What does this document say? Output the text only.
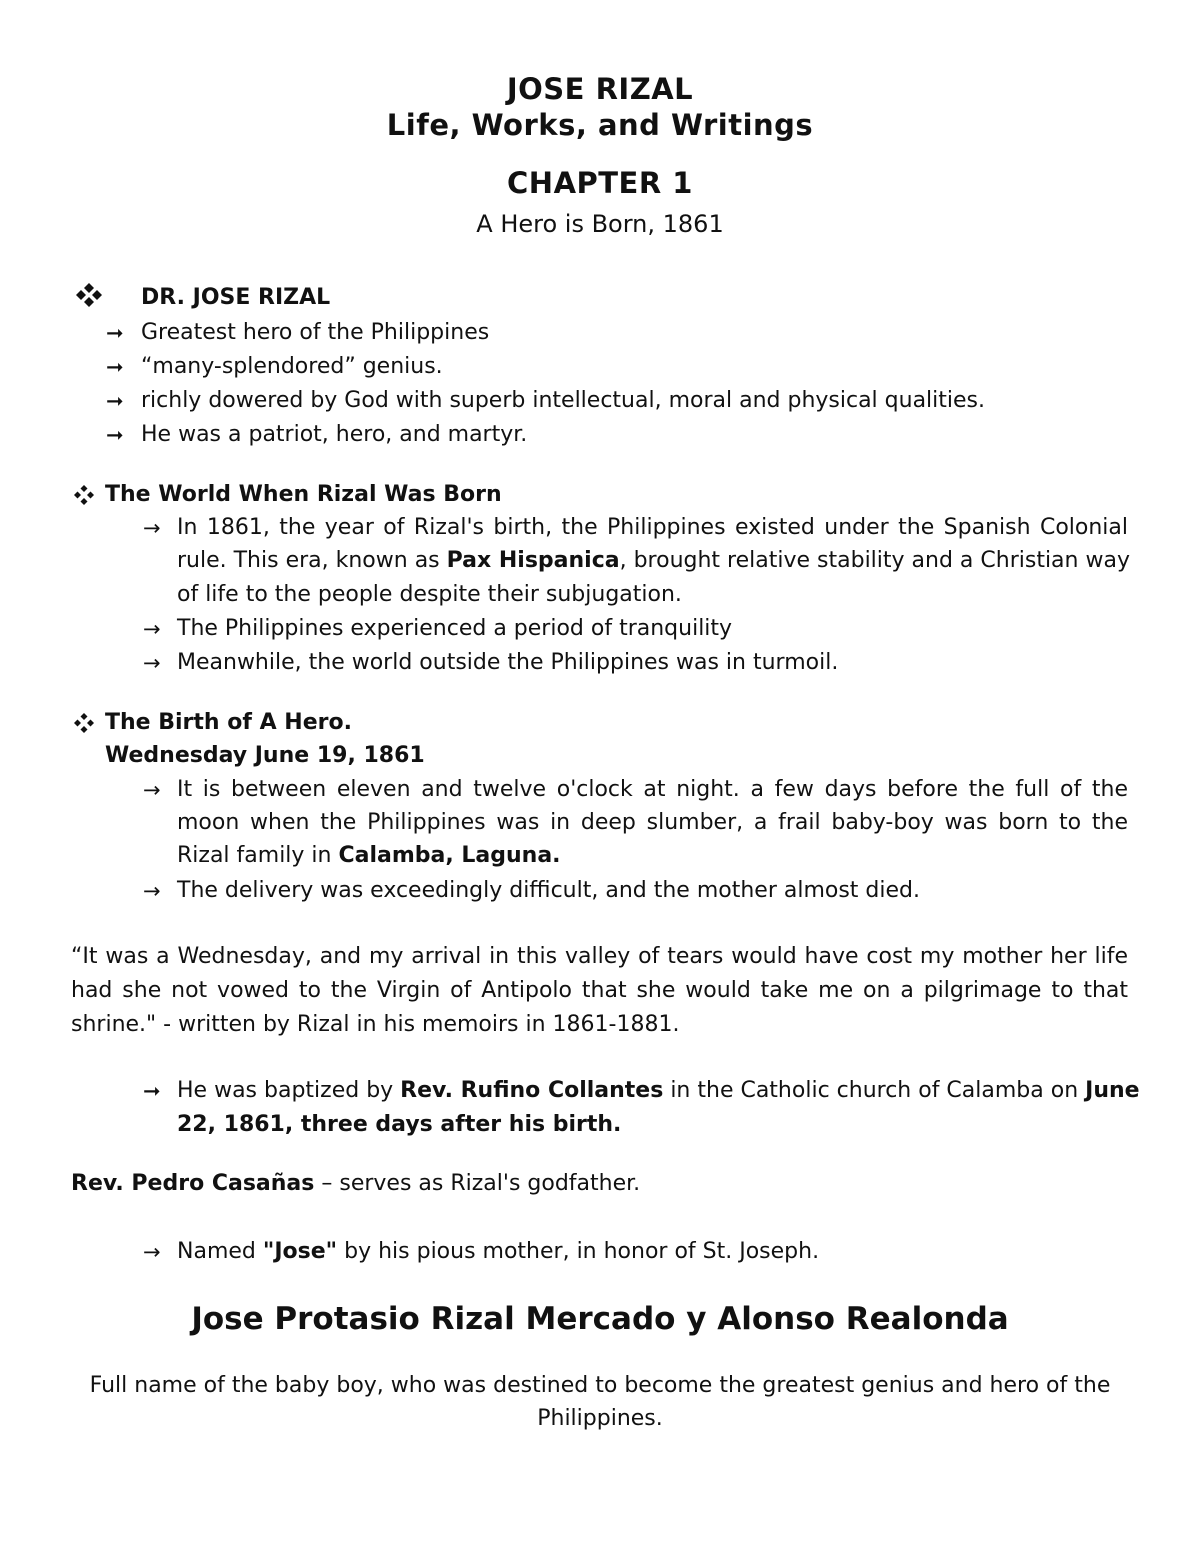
JOSE RIZAL
Life, Works, and Writings
CHAPTER 1
A Hero is Born, 1861
DR. JOSE RIZAL
➞ Greatest hero of the Philippines
➞ “many-splendored” genius.
➞ richly dowered by God with superb intellectual, moral and physical qualities.
➞ He was a patriot, hero, and martyr.
The World When Rizal Was Born
→ In 1861, the year of Rizal's birth, the Philippines existed under the Spanish Colonial
rule. This era, known as Pax Hispanica, brought relative stability and a Christian way
of life to the people despite their subjugation.
→ The Philippines experienced a period of tranquility
→ Meanwhile, the world outside the Philippines was in turmoil.
The Birth of A Hero.
Wednesday June 19, 1861
→ It is between eleven and twelve o'clock at night. a few days before the full of the
moon when the Philippines was in deep slumber, a frail baby-boy was born to the
Rizal family in Calamba, Laguna.
→ The delivery was exceedingly difficult, and the mother almost died.
“It was a Wednesday, and my arrival in this valley of tears would have cost my mother her life
had she not vowed to the Virgin of Antipolo that she would take me on a pilgrimage to that
shrine." - written by Rizal in his memoirs in 1861-1881.
➞ He was baptized by Rev. Rufino Collantes in the Catholic church of Calamba on June
22, 1861, three days after his birth.
Rev. Pedro Casañas – serves as Rizal's godfather.
→ Named "Jose" by his pious mother, in honor of St. Joseph.
Jose Protasio Rizal Mercado y Alonso Realonda
Full name of the baby boy, who was destined to become the greatest genius and hero of the
Philippines.
